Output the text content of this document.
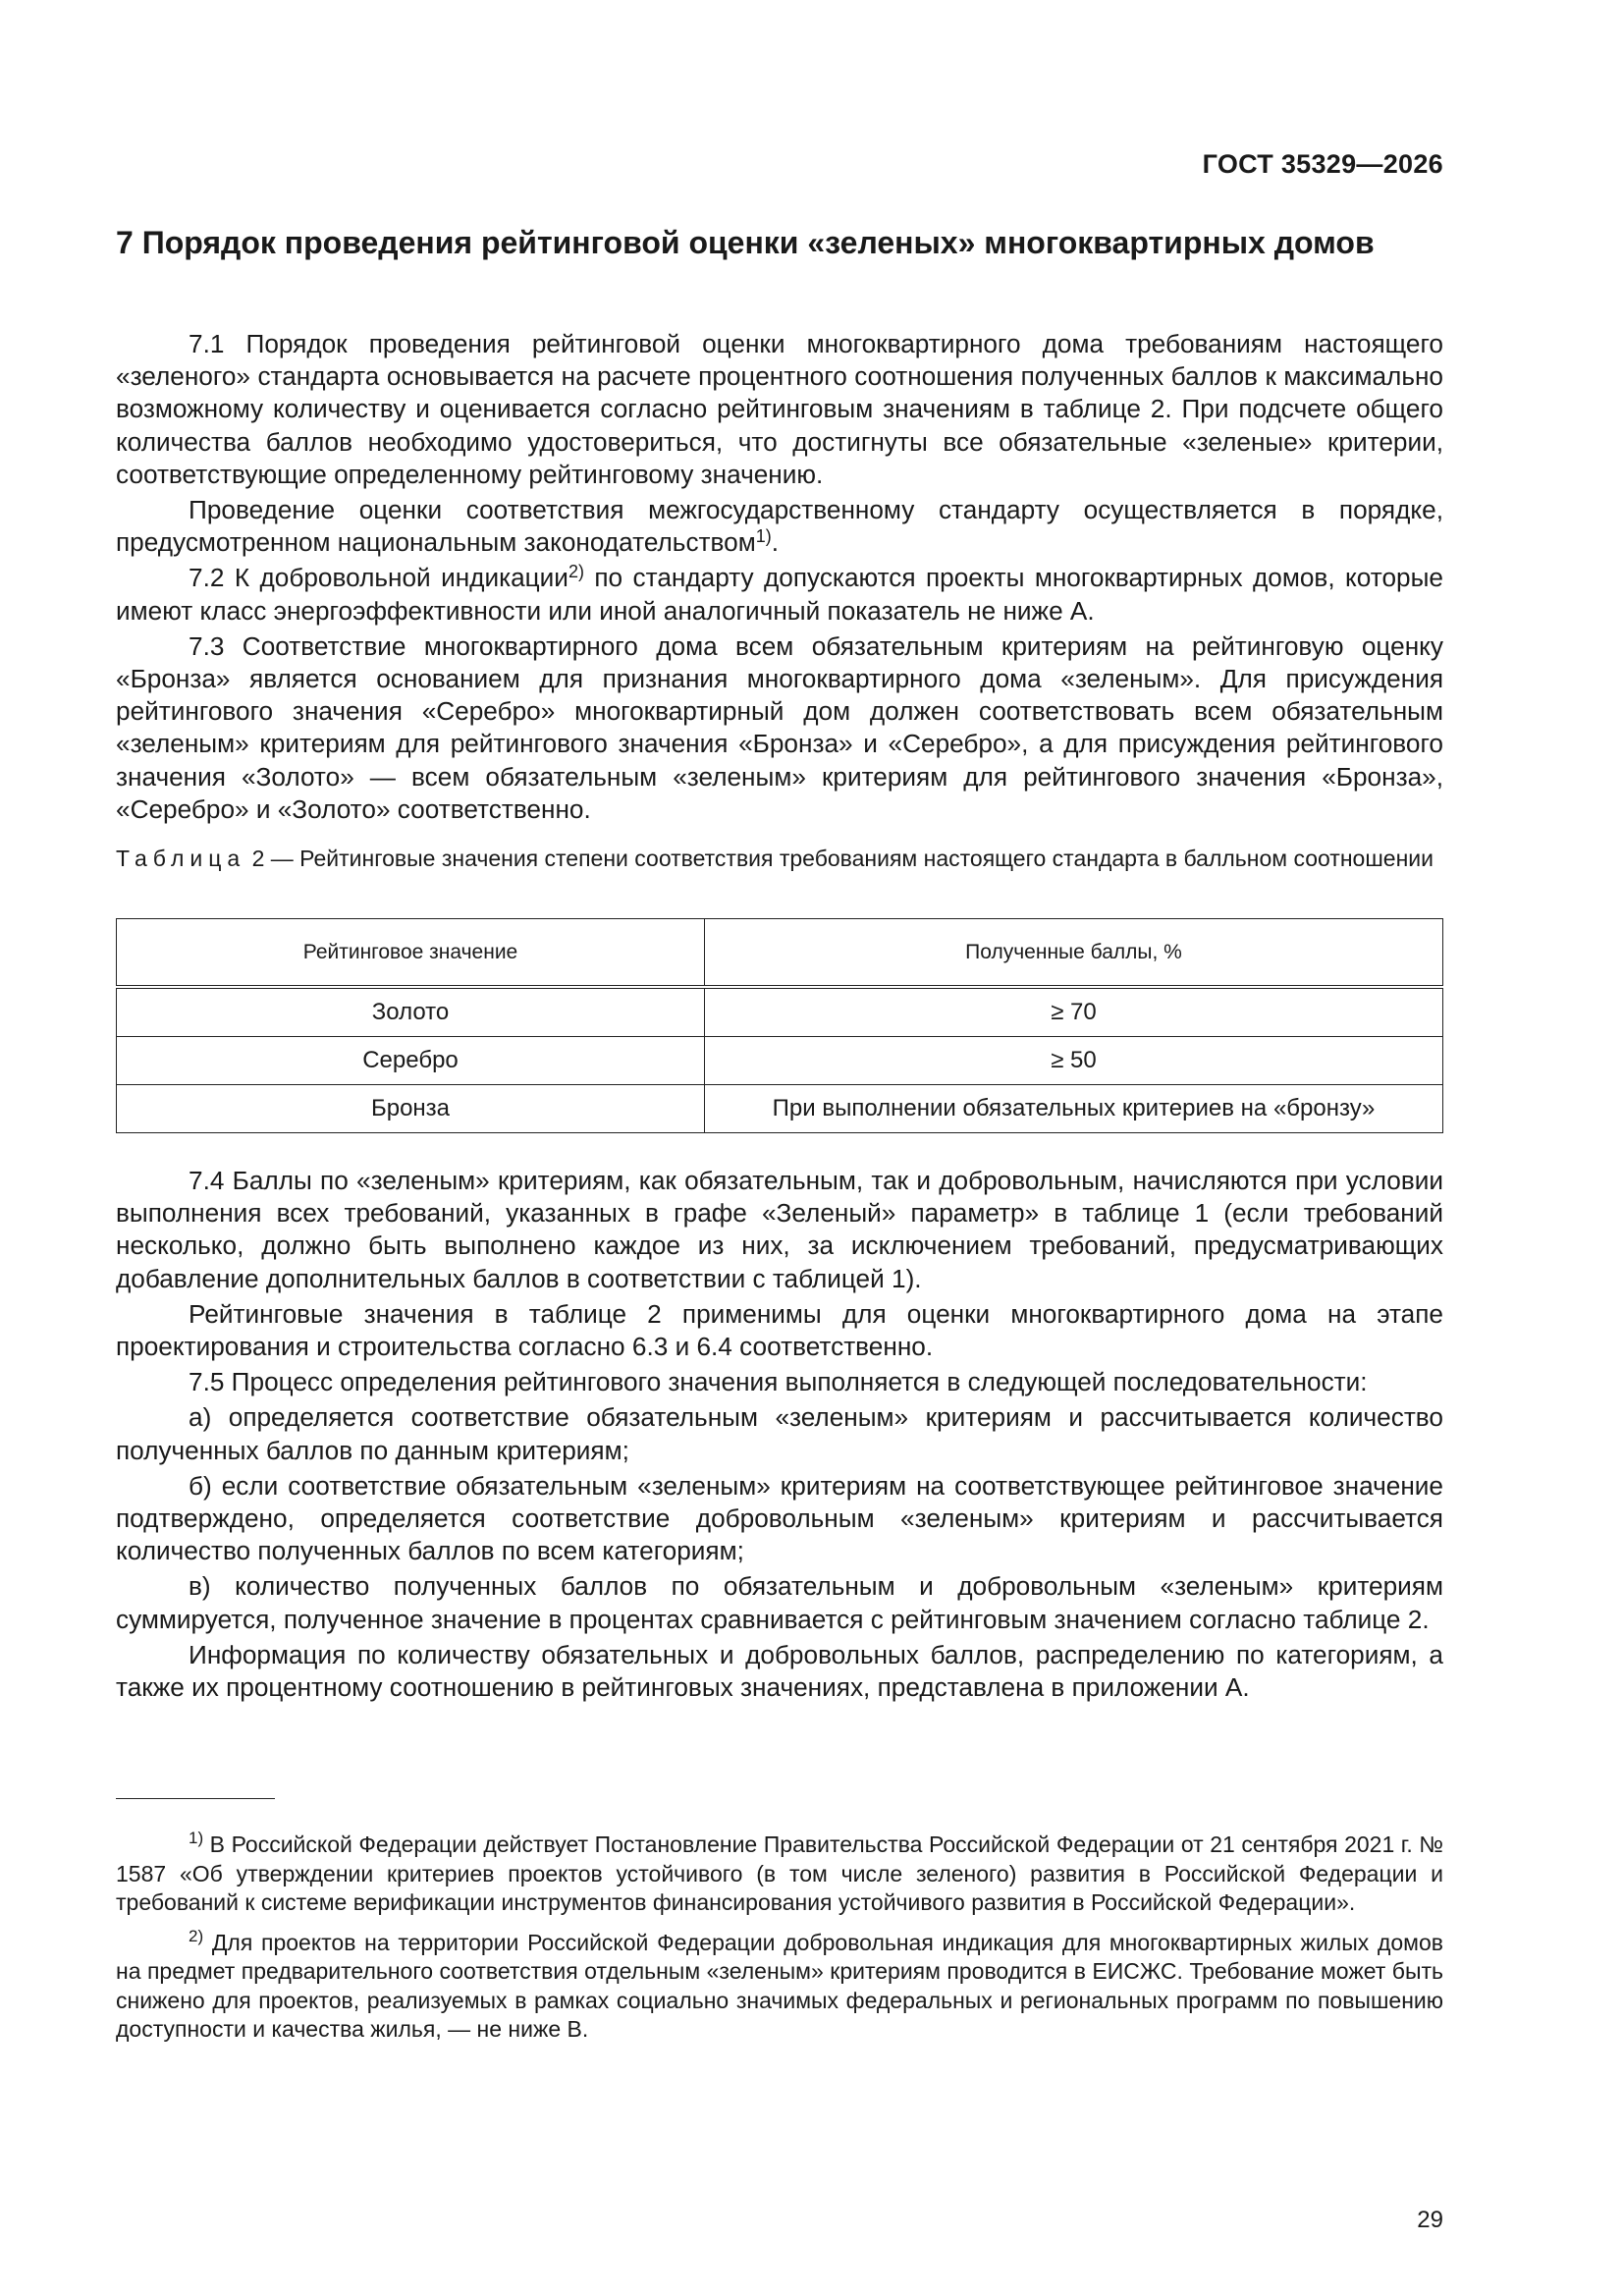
ГОСТ 35329—2026
7 Порядок проведения рейтинговой оценки «зеленых» многоквартирных домов

7.1 Порядок проведения рейтинговой оценки многоквартирного дома требованиям настоящего «зеленого» стандарта основывается на расчете процентного соотношения полученных баллов к максимально возможному количеству и оценивается согласно рейтинговым значениям в таблице 2. При подсчете общего количества баллов необходимо удостовериться, что достигнуты все обязательные «зеленые» критерии, соответствующие определенному рейтинговому значению.

Проведение оценки соответствия межгосударственному стандарту осуществляется в порядке, предусмотренном национальным законодательством$^{1)}$.

7.2 К добровольной индикации$^{2)}$ по стандарту допускаются проекты многоквартирных домов, которые имеют класс энергоэффективности или иной аналогичный показатель не ниже А.

7.3 Соответствие многоквартирного дома всем обязательным критериям на рейтинговую оценку «Бронза» является основанием для признания многоквартирного дома «зеленым». Для присуждения рейтингового значения «Серебро» многоквартирный дом должен соответствовать всем обязательным «зеленым» критериям для рейтингового значения «Бронза» и «Серебро», а для присуждения рейтингового значения «Золото» — всем обязательным «зеленым» критериям для рейтингового значения «Бронза», «Серебро» и «Золото» соответственно.

Таблица 2 — Рейтинговые значения степени соответствия требованиям настоящего стандарта в балльном соотношении
Рейтинговое значение	Полученные баллы, %
Золото	≥ 70
Серебро	≥ 50
Бронза	При выполнении обязательных критериев на «бронзу»

7.4 Баллы по «зеленым» критериям, как обязательным, так и добровольным, начисляются при условии выполнения всех требований, указанных в графе «Зеленый» параметр» в таблице 1 (если требований несколько, должно быть выполнено каждое из них, за исключением требований, предусматривающих добавление дополнительных баллов в соответствии с таблицей 1).

Рейтинговые значения в таблице 2 применимы для оценки многоквартирного дома на этапе проектирования и строительства согласно 6.3 и 6.4 соответственно.

7.5 Процесс определения рейтингового значения выполняется в следующей последовательности:

а) определяется соответствие обязательным «зеленым» критериям и рассчитывается количество полученных баллов по данным критериям;

б) если соответствие обязательным «зеленым» критериям на соответствующее рейтинговое значение подтверждено, определяется соответствие добровольным «зеленым» критериям и рассчитывается количество полученных баллов по всем категориям;

в) количество полученных баллов по обязательным и добровольным «зеленым» критериям суммируется, полученное значение в процентах сравнивается с рейтинговым значением согласно таблице 2.

Информация по количеству обязательных и добровольных баллов, распределению по категориям, а также их процентному соотношению в рейтинговых значениях, представлена в приложении А.

$^{1)}$ В Российской Федерации действует Постановление Правительства Российской Федерации от 21 сентября 2021 г. № 1587 «Об утверждении критериев проектов устойчивого (в том числе зеленого) развития в Российской Федерации и требований к системе верификации инструментов финансирования устойчивого развития в Российской Федерации».

$^{2)}$ Для проектов на территории Российской Федерации добровольная индикация для многоквартирных жилых домов на предмет предварительного соответствия отдельным «зеленым» критериям проводится в ЕИСЖС. Требование может быть снижено для проектов, реализуемых в рамках социально значимых федеральных и региональных программ по повышению доступности и качества жилья, — не ниже В.

29
